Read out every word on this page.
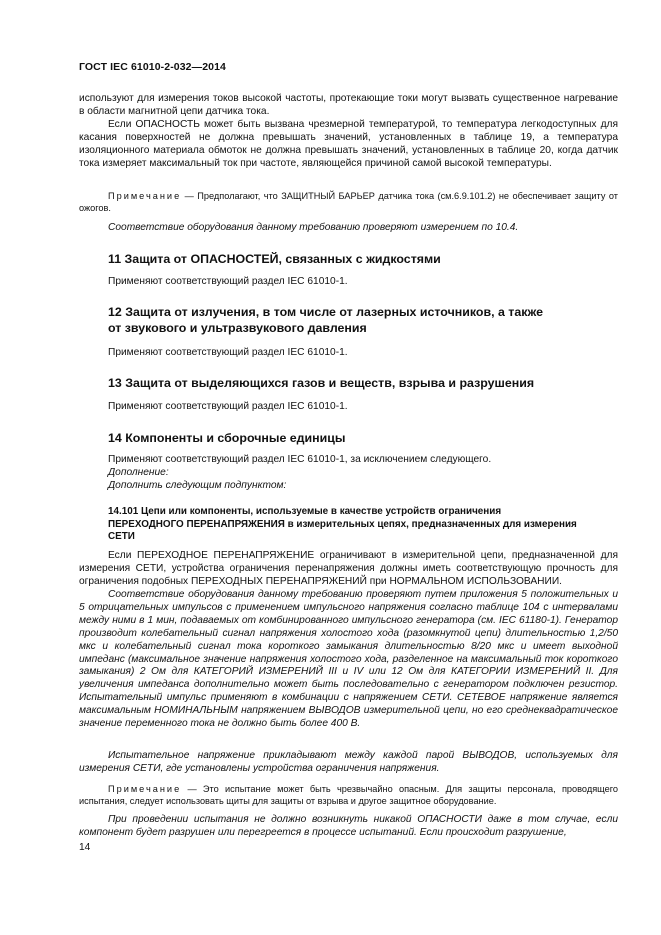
ГОСТ IEC 61010-2-032—2014

используют для измерения токов высокой частоты, протекающие токи могут вызвать существенное нагревание в области магнитной цепи датчика тока.

Если ОПАСНОСТЬ может быть вызвана чрезмерной температурой, то температура легкодоступных для касания поверхностей не должна превышать значений, установленных в таблице 19, а температура изоляционного материала обмоток не должна превышать значений, установленных в таблице 20, когда датчик тока измеряет максимальный ток при частоте, являющейся причиной самой высокой температуры.

Примечание — Предполагают, что ЗАЩИТНЫЙ БАРЬЕР датчика тока (см.6.9.101.2) не обеспечивает защиту от ожогов.

Соответствие оборудования данному требованию проверяют измерением по 10.4.

11 Защита от ОПАСНОСТЕЙ, связанных с жидкостями

Применяют соответствующий раздел IEC 61010-1.

12 Защита от излучения, в том числе от лазерных источников, а также
от звукового и ультразвукового давления

Применяют соответствующий раздел IEC 61010-1.

13 Защита от выделяющихся газов и веществ, взрыва и разрушения

Применяют соответствующий раздел IEC 61010-1.

14 Компоненты и сборочные единицы

Применяют соответствующий раздел IEC 61010-1, за исключением следующего.

Дополнение:

Дополнить следующим подпунктом:

14.101 Цепи или компоненты, используемые в качестве устройств ограничения ПЕРЕХОДНОГО ПЕРЕНАПРЯЖЕНИЯ в измерительных цепях, предназначенных для измерения СЕТИ

Если ПЕРЕХОДНОЕ ПЕРЕНАПРЯЖЕНИЕ ограничивают в измерительной цепи, предназначенной для измерения СЕТИ, устройства ограничения перенапряжения должны иметь соответствующую прочность для ограничения подобных ПЕРЕХОДНЫХ ПЕРЕНАПРЯЖЕНИЙ при НОРМАЛЬНОМ ИСПОЛЬЗОВАНИИ.

Соответствие оборудования данному требованию проверяют путем приложения 5 положительных и 5 отрицательных импульсов с применением импульсного напряжения согласно таблице 104 с интервалами между ними в 1 мин, подаваемых от комбинированного импульсного генератора (см. IEC 61180-1). Генератор производит колебательный сигнал напряжения холостого хода (разомкнутой цепи) длительностью 1,2/50 мкс и колебательный сигнал тока короткого замыкания длительностью 8/20 мкс и имеет выходной импеданс (максимальное значение напряжения холостого хода, разделенное на максимальный ток короткого замыкания) 2 Ом для КАТЕГОРИЙ ИЗМЕРЕНИЙ III и IV или 12 Ом для КАТЕГОРИИ ИЗМЕРЕНИЙ II. Для увеличения импеданса дополнительно может быть последовательно с генератором подключен резистор. Испытательный импульс применяют в комбинации с напряжением СЕТИ. СЕТЕВОЕ напряжение является максимальным НОМИНАЛЬНЫМ напряжением ВЫВОДОВ измерительной цепи, но его среднеквадратическое значение переменного тока не должно быть более 400 В.

Испытательное напряжение прикладывают между каждой парой ВЫВОДОВ, используемых для измерения СЕТИ, где установлены устройства ограничения напряжения.

Примечание — Это испытание может быть чрезвычайно опасным. Для защиты персонала, проводящего испытания, следует использовать щиты для защиты от взрыва и другое защитное оборудование.

При проведении испытания не должно возникнуть никакой ОПАСНОСТИ даже в том случае, если компонент будет разрушен или перегреется в процессе испытаний. Если происходит разрушение,

14
